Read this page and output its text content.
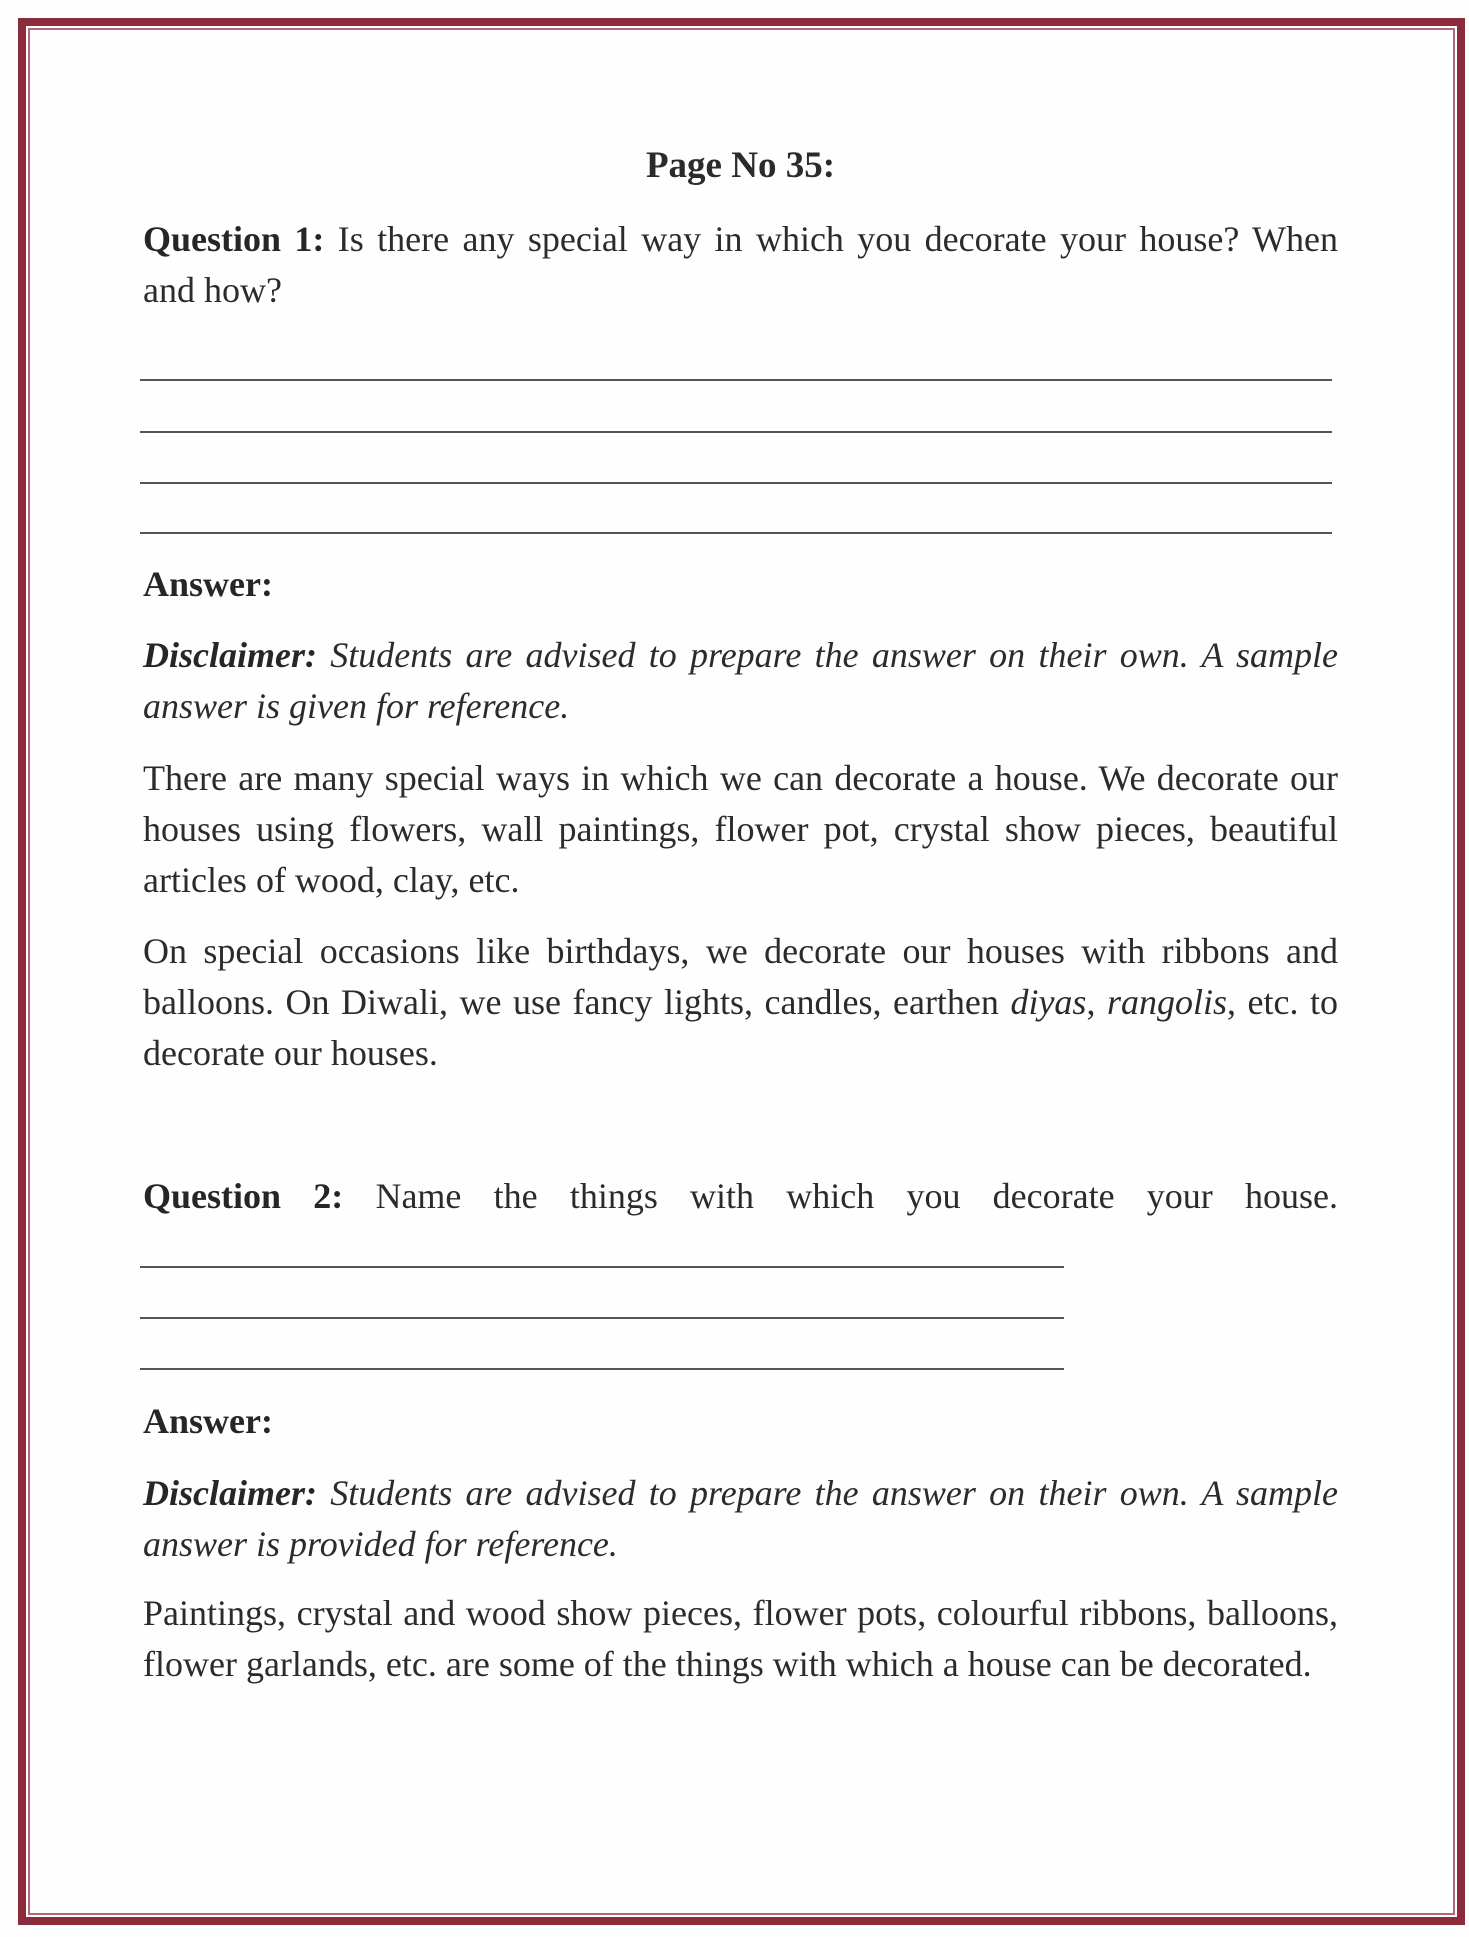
Page No 35:
Question 1: Is there any special way in which you decorate your house? When and how?
Answer:
Disclaimer: Students are advised to prepare the answer on their own. A sample answer is given for reference.
There are many special ways in which we can decorate a house. We decorate our houses using flowers, wall paintings, flower pot, crystal show pieces, beautiful articles of wood, clay, etc.
On special occasions like birthdays, we decorate our houses with ribbons and balloons. On Diwali, we use fancy lights, candles, earthen diyas, rangolis, etc. to decorate our houses.
Question 2: Name the things with which you decorate your house.
Answer:
Disclaimer: Students are advised to prepare the answer on their own. A sample answer is provided for reference.
Paintings, crystal and wood show pieces, flower pots, colourful ribbons, balloons, flower garlands, etc. are some of the things with which a house can be decorated.
